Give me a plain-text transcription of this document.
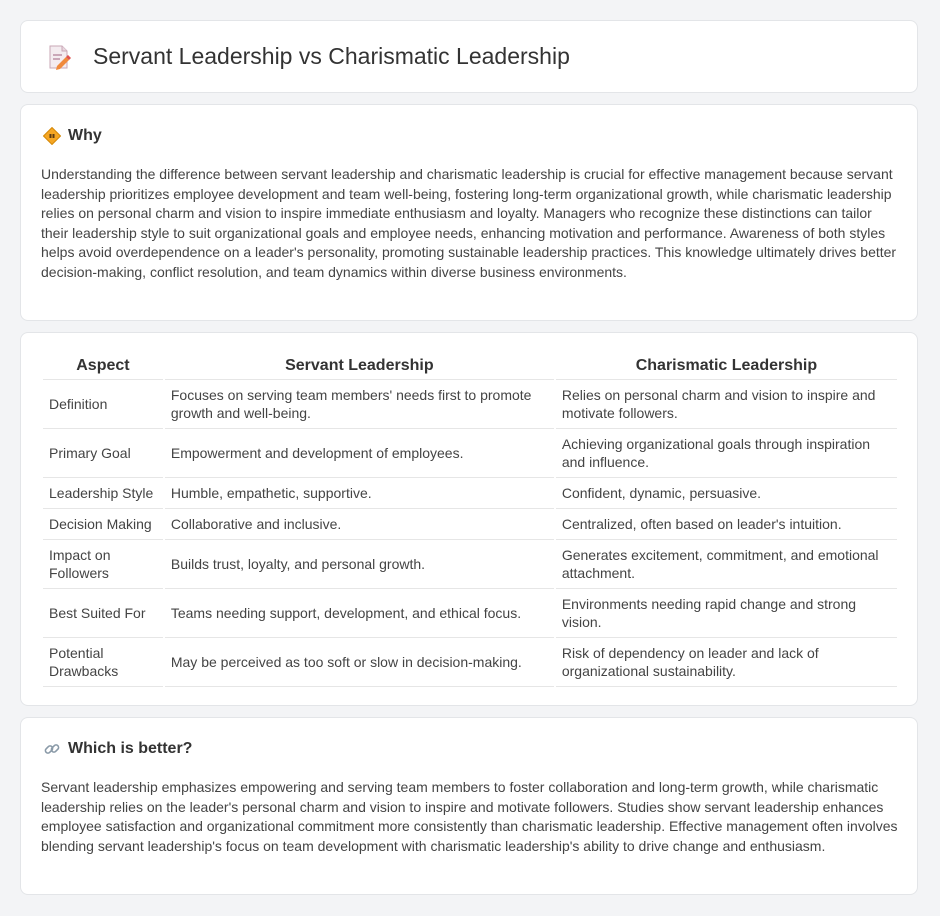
Servant Leadership vs Charismatic Leadership
Why

Understanding the difference between servant leadership and charismatic leadership is crucial for effective management because servant leadership prioritizes employee development and team well-being, fostering long-term organizational growth, while charismatic leadership relies on personal charm and vision to inspire immediate enthusiasm and loyalty. Managers who recognize these distinctions can tailor their leadership style to suit organizational goals and employee needs, enhancing motivation and performance. Awareness of both styles helps avoid overdependence on a leader's personality, promoting sustainable leadership practices. This knowledge ultimately drives better decision-making, conflict resolution, and team dynamics within diverse business environments.

Aspect	Servant Leadership	Charismatic Leadership
Definition	Focuses on serving team members' needs first to promote growth and well-being.	Relies on personal charm and vision to inspire and motivate followers.
Primary Goal	Empowerment and development of employees.	Achieving organizational goals through inspiration and influence.
Leadership Style	Humble, empathetic, supportive.	Confident, dynamic, persuasive.
Decision Making	Collaborative and inclusive.	Centralized, often based on leader's intuition.
Impact on Followers	Builds trust, loyalty, and personal growth.	Generates excitement, commitment, and emotional attachment.
Best Suited For	Teams needing support, development, and ethical focus.	Environments needing rapid change and strong vision.
Potential Drawbacks	May be perceived as too soft or slow in decision-making.	Risk of dependency on leader and lack of organizational sustainability.
Which is better?

Servant leadership emphasizes empowering and serving team members to foster collaboration and long-term growth, while charismatic leadership relies on the leader's personal charm and vision to inspire and motivate followers. Studies show servant leadership enhances employee satisfaction and organizational commitment more consistently than charismatic leadership. Effective management often involves blending servant leadership's focus on team development with charismatic leadership's ability to drive change and enthusiasm.
